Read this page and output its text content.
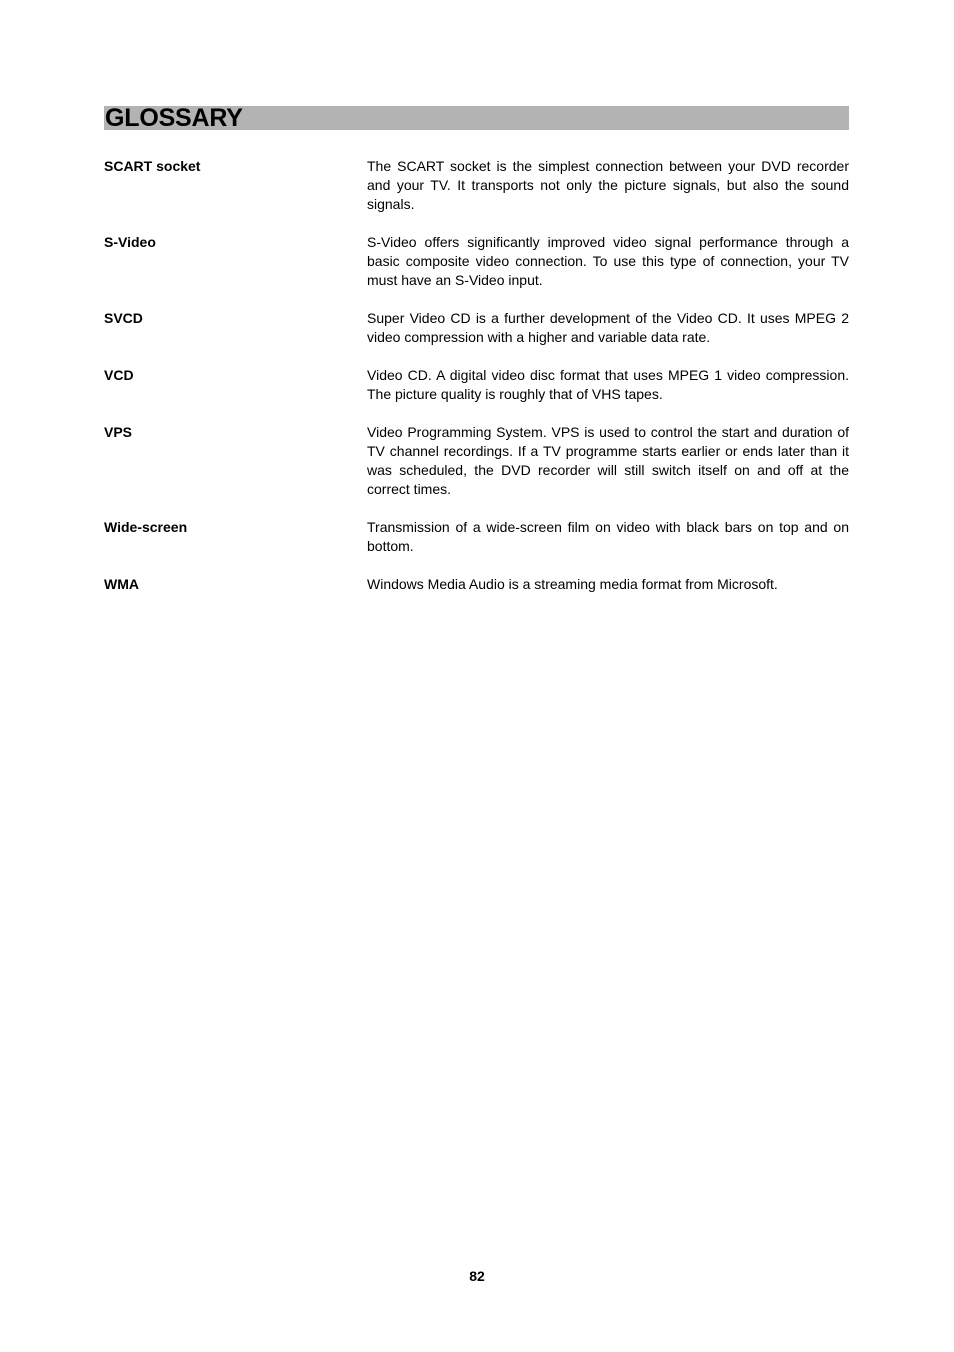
GLOSSARY
SCART socket	The SCART socket is the simplest connection between your DVD recorder and your TV. It transports not only the picture signals, but also the sound signals.
S-Video	S-Video offers significantly improved video signal performance through a basic composite video connection. To use this type of connection, your TV must have an S-Video input.
SVCD	Super Video CD is a further development of the Video CD. It uses MPEG 2 video compression with a higher and variable data rate.
VCD	Video CD. A digital video disc format that uses MPEG 1 video compression. The picture quality is roughly that of VHS tapes.
VPS	Video Programming System. VPS is used to control the start and duration of TV channel recordings. If a TV programme starts earlier or ends later than it was scheduled, the DVD recorder will still switch itself on and off at the correct times.
Wide-screen	Transmission of a wide-screen film on video with black bars on top and on bottom.
WMA	Windows Media Audio is a streaming media format from Microsoft.
82
